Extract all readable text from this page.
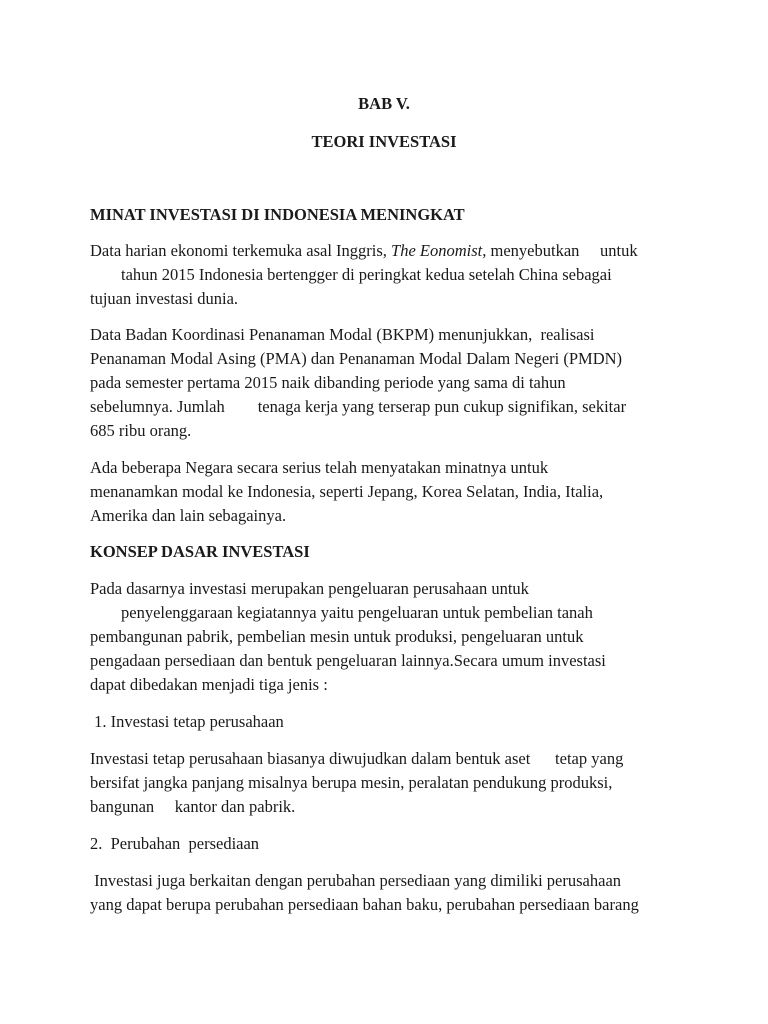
BAB V.

TEORI INVESTASI

MINAT INVESTASI DI INDONESIA MENINGKAT

Data harian ekonomi terkemuka asal Inggris, The Eonomist, menyebutkan     untuk

tahun 2015 Indonesia bertengger di peringkat kedua setelah China sebagai

tujuan investasi dunia.

Data Badan Koordinasi Penanaman Modal (BKPM) menunjukkan,  realisasi

Penanaman Modal Asing (PMA) dan Penanaman Modal Dalam Negeri (PMDN)

pada semester pertama 2015 naik dibanding periode yang sama di tahun

sebelumnya. Jumlah        tenaga kerja yang terserap pun cukup signifikan, sekitar

685 ribu orang.

Ada beberapa Negara secara serius telah menyatakan minatnya untuk

menanamkan modal ke Indonesia, seperti Jepang, Korea Selatan, India, Italia,

Amerika dan lain sebagainya.

KONSEP DASAR INVESTASI

Pada dasarnya investasi merupakan pengeluaran perusahaan untuk

penyelenggaraan kegiatannya yaitu pengeluaran untuk pembelian tanah

pembangunan pabrik, pembelian mesin untuk produksi, pengeluaran untuk

pengadaan persediaan dan bentuk pengeluaran lainnya.Secara umum investasi

dapat dibedakan menjadi tiga jenis :

1. Investasi tetap perusahaan

Investasi tetap perusahaan biasanya diwujudkan dalam bentuk aset      tetap yang

bersifat jangka panjang misalnya berupa mesin, peralatan pendukung produksi,

bangunan     kantor dan pabrik.

2.  Perubahan  persediaan

Investasi juga berkaitan dengan perubahan persediaan yang dimiliki perusahaan

yang dapat berupa perubahan persediaan bahan baku, perubahan persediaan barang
